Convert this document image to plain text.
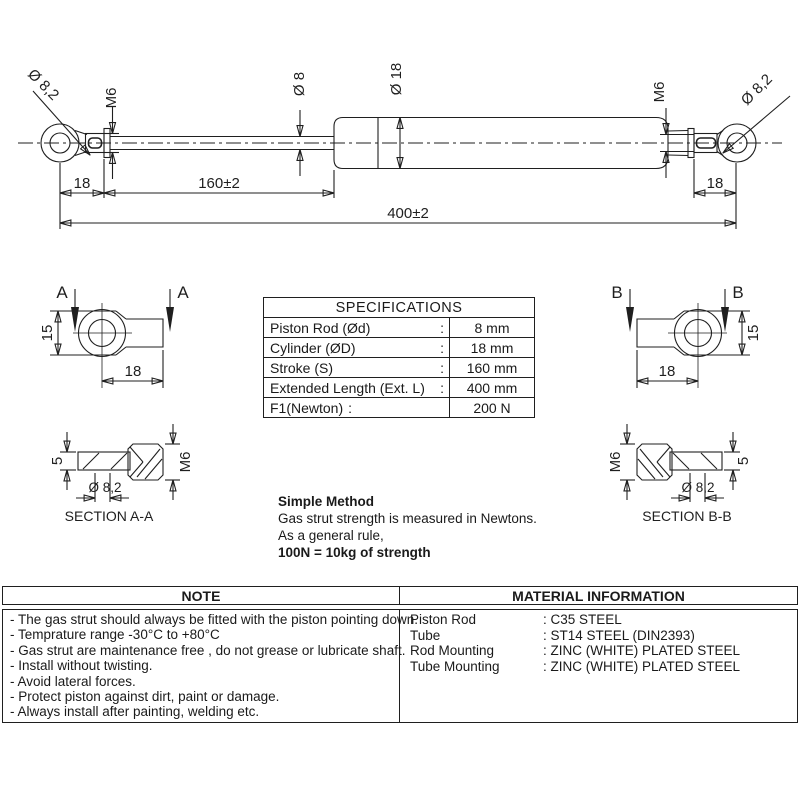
Ø 8,2	M6
Ø 8	Ø 18	M6	Ø 8,2
18	160±2	18
400±2
A	A
15
18
5
Ø 8,2
M6
SECTION A-A
B	B
15
18
M6	5
Ø 8,2
SECTION B-B
SPECIFICATIONS
Piston Rod (Ød)	:	8 mm
Cylinder (ØD)	:	18 mm
Stroke (S)	:	160 mm
Extended Length (Ext. L) :	400 mm
F1(Newton) :	200 N
Simple Method
Gas strut strength is measured in Newtons.
As a general rule,
100N = 10kg of strength
NOTE	MATERIAL INFORMATION
- The gas strut should always be fitted with the piston pointing down.
- Temprature range -30°C to +80°C
- Gas strut are maintenance free , do not grease or lubricate shaft.
- Install without twisting.
- Avoid lateral forces.
- Protect piston against dirt, paint or damage.
- Always install after painting, welding etc.
Piston Rod	: C35 STEEL
Tube	: ST14 STEEL (DIN2393)
Rod Mounting	: ZINC (WHITE) PLATED STEEL
Tube Mounting	: ZINC (WHITE) PLATED STEEL
